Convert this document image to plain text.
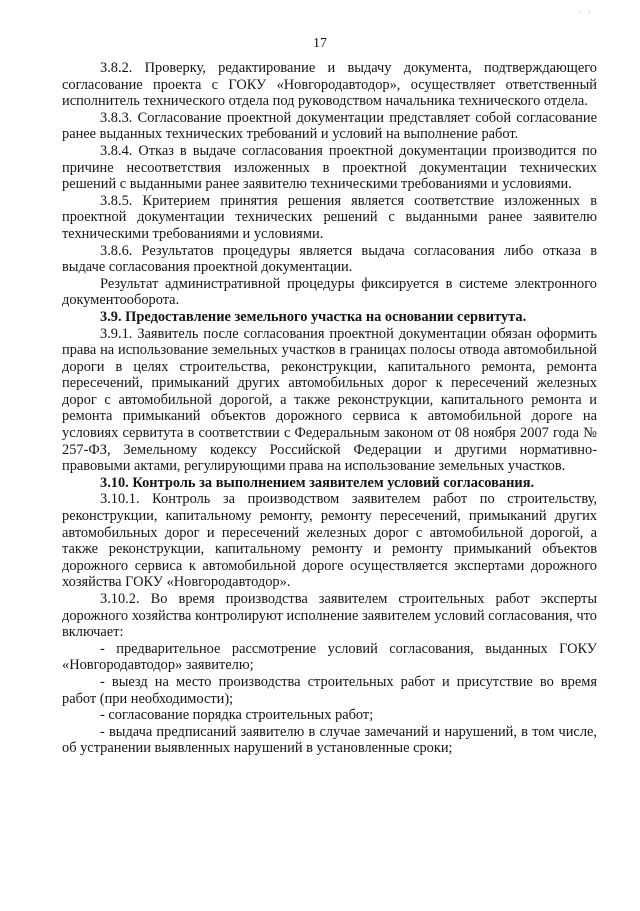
· ·
17

3.8.2. Проверку, редактирование и выдачу документа, подтверждающего согласование проекта с ГОКУ «Новгородавтодор», осуществляет ответственный исполнитель технического отдела под руководством начальника технического отдела.

3.8.3. Согласование проектной документации представляет собой согласование ранее выданных технических требований и условий на выполнение работ.

3.8.4. Отказ в выдаче согласования проектной документации производится по причине несоответствия изложенных в проектной документации технических решений с выданными ранее заявителю техническими требованиями и условиями.

3.8.5. Критерием принятия решения является соответствие изложенных в проектной документации технических решений с выданными ранее заявителю техническими требованиями и условиями.

3.8.6. Результатов процедуры является выдача согласования либо отказа в выдаче согласования проектной документации.

Результат административной процедуры фиксируется в системе электронного документооборота.

3.9. Предоставление земельного участка на основании сервитута.

3.9.1. Заявитель после согласования проектной документации обязан оформить права на использование земельных участков в границах полосы отвода автомобильной дороги в целях строительства, реконструкции, капитального ремонта, ремонта пересечений, примыканий других автомобильных дорог к пересечений железных дорог с автомобильной дорогой, а также реконструкции, капитального ремонта и ремонта примыканий объектов дорожного сервиса к автомобильной дороге на условиях сервитута в соответствии с Федеральным законом от 08 ноября 2007 года № 257-ФЗ, Земельному кодексу Российской Федерации и другими нормативно-правовыми актами, регулирующими права на использование земельных участков.

3.10. Контроль за выполнением заявителем условий согласования.

3.10.1. Контроль за производством заявителем работ по строительству, реконструкции, капитальному ремонту, ремонту пересечений, примыканий других автомобильных дорог и пересечений железных дорог с автомобильной дорогой, а также реконструкции, капитальному ремонту и ремонту примыканий объектов дорожного сервиса к автомобильной дороге осуществляется экспертами дорожного хозяйства ГОКУ «Новгородавтодор».

3.10.2. Во время производства заявителем строительных работ эксперты дорожного хозяйства контролируют исполнение заявителем условий согласования, что включает:

- предварительное рассмотрение условий согласования, выданных ГОКУ «Новгородавтодор» заявителю;

- выезд на место производства строительных работ и присутствие во время работ (при необходимости);

- согласование порядка строительных работ;

- выдача предписаний заявителю в случае замечаний и нарушений, в том числе, об устранении выявленных нарушений в установленные сроки;
